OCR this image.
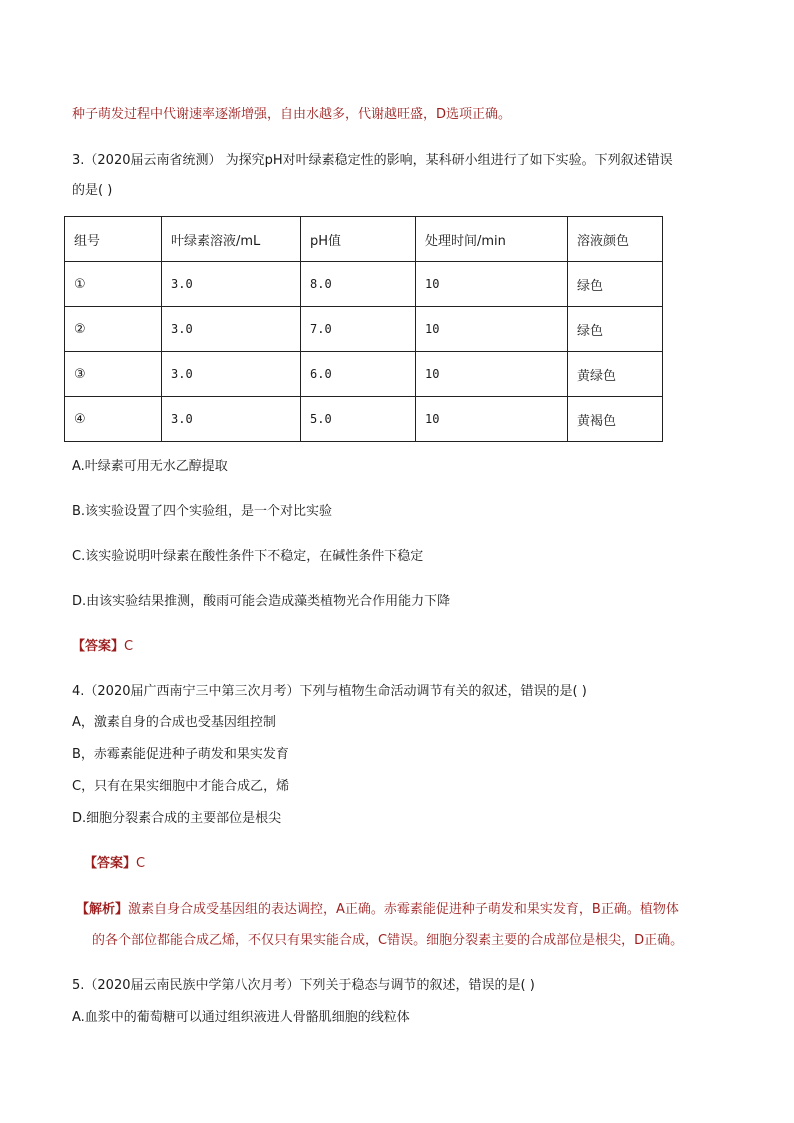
种子萌发过程中代谢速率逐渐增强，自由水越多，代谢越旺盛，D选项正确。
3.（2020届云南省统测） 为探究pH对叶绿素稳定性的影响，某科研小组进行了如下实验。下列叙述错误
的是( )
组号	叶绿素溶液/mL	pH值	处理时间/min	溶液颜色
①	3.0	8.0	10	绿色
②	3.0	7.0	10	绿色
③	3.0	6.0	10	黄绿色
④	3.0	5.0	10	黄褐色
A.叶绿素可用无水乙醇提取
B.该实验设置了四个实验组，是一个对比实验
C.该实验说明叶绿素在酸性条件下不稳定，在碱性条件下稳定
D.由该实验结果推测，酸雨可能会造成藻类植物光合作用能力下降
【答案】C
4.（2020届广西南宁三中第三次月考）下列与植物生命活动调节有关的叙述，错误的是( )
A，激素自身的合成也受基因组控制
B，赤霉素能促进种子萌发和果实发育
C，只有在果实细胞中才能合成乙，烯
D.细胞分裂素合成的主要部位是根尖
【答案】C
【解析】激素自身合成受基因组的表达调控，A正确。赤霉素能促进种子萌发和果实发育，B正确。植物体
的各个部位都能合成乙烯，不仅只有果实能合成，C错误。细胞分裂素主要的合成部位是根尖，D正确。
5.（2020届云南民族中学第八次月考）下列关于稳态与调节的叙述，错误的是( )
A.血浆中的葡萄糖可以通过组织液进人骨骼肌细胞的线粒体
